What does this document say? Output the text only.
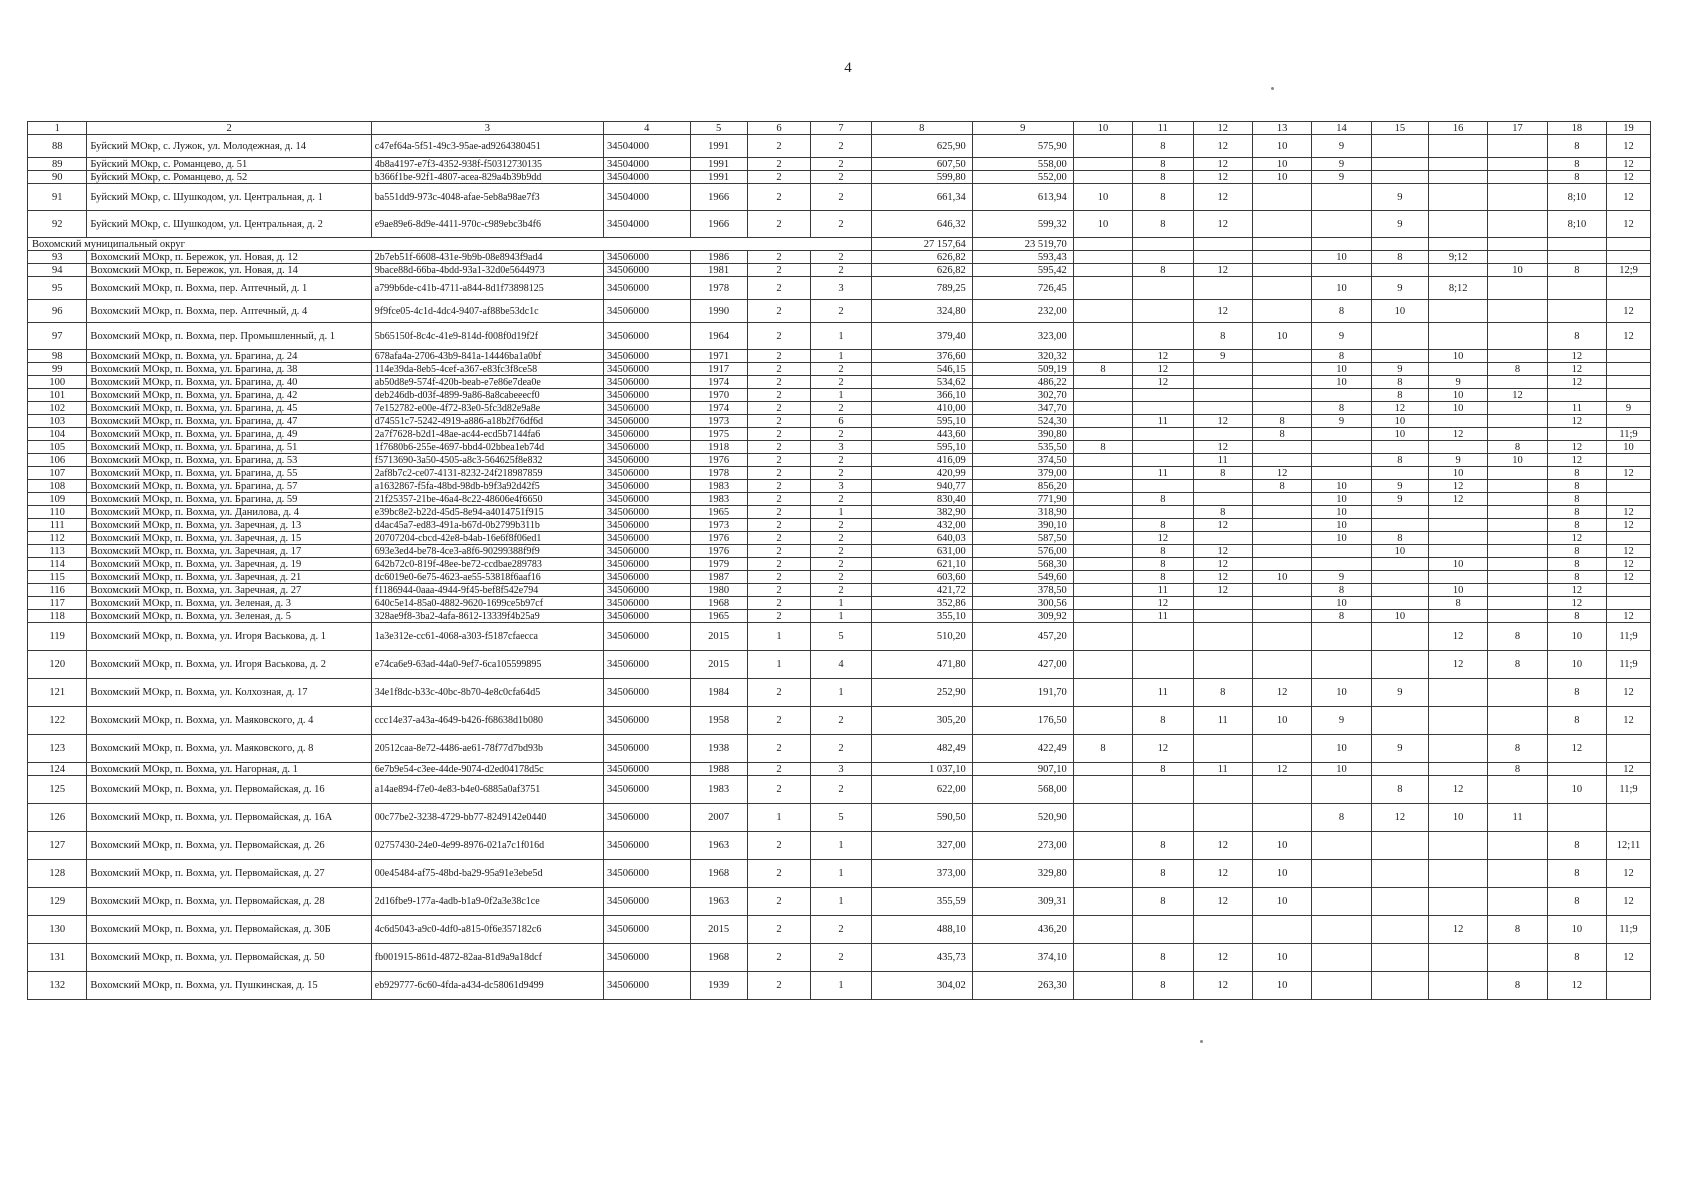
4
1	2	3	4	5	6	7	8	9	10	11	12	13	14	15	16	17	18	19
88	Буйский МОкр, с. Лужок, ул. Молодежная, д. 14	c47ef64a-5f51-49c3-95ae-ad9264380451	34504000	1991	2	2	625,90	575,90		8	12	10	9				8	12
89	Буйский МОкр, с. Романцево, д. 51	4b8a4197-e7f3-4352-938f-f50312730135	34504000	1991	2	2	607,50	558,00		8	12	10	9				8	12
90	Буйский МОкр, с. Романцево, д. 52	b366f1be-92f1-4807-acea-829a4b39b9dd	34504000	1991	2	2	599,80	552,00		8	12	10	9				8	12
91	Буйский МОкр, с. Шушкодом, ул. Центральная, д. 1	ba551dd9-973c-4048-afae-5eb8a98ae7f3	34504000	1966	2	2	661,34	613,94	10	8	12			9			8;10	12
92	Буйский МОкр, с. Шушкодом, ул. Центральная, д. 2	e9ae89e6-8d9e-4411-970c-c989ebc3b4f6	34504000	1966	2	2	646,32	599,32	10	8	12			9			8;10	12
Вохомский муниципальный округ							27 157,64	23 519,70										
93	Вохомский МОкр, п. Бережок, ул. Новая, д. 12	2b7eb51f-6608-431e-9b9b-08e8943f9ad4	34506000	1986	2	2	626,82	593,43					10	8	9;12			
94	Вохомский МОкр, п. Бережок, ул. Новая, д. 14	9bace88d-66ba-4bdd-93a1-32d0e5644973	34506000	1981	2	2	626,82	595,42		8	12					10	8	12;9
95	Вохомский МОкр, п. Вохма, пер. Аптечный, д. 1	a799b6de-c41b-4711-a844-8d1f73898125	34506000	1978	2	3	789,25	726,45					10	9	8;12			
96	Вохомский МОкр, п. Вохма, пер. Аптечный, д. 4	9f9fce05-4c1d-4dc4-9407-af88be53dc1c	34506000	1990	2	2	324,80	232,00			12		8	10				12
97	Вохомский МОкр, п. Вохма, пер. Промышленный, д. 1	5b65150f-8c4c-41e9-814d-f008f0d19f2f	34506000	1964	2	1	379,40	323,00			8	10	9				8	12
98	Вохомский МОкр, п. Вохма, ул. Брагина, д. 24	678afa4a-2706-43b9-841a-14446ba1a0bf	34506000	1971	2	1	376,60	320,32		12	9		8		10		12	
99	Вохомский МОкр, п. Вохма, ул. Брагина, д. 38	114e39da-8eb5-4cef-a367-e83fc3f8ce58	34506000	1917	2	2	546,15	509,19	8	12			10	9		8	12	
100	Вохомский МОкр, п. Вохма, ул. Брагина, д. 40	ab50d8e9-574f-420b-beab-e7e86e7dea0e	34506000	1974	2	2	534,62	486,22		12			10	8	9		12	
101	Вохомский МОкр, п. Вохма, ул. Брагина, д. 42	deb246db-d03f-4899-9a86-8a8cabeeecf0	34506000	1970	2	1	366,10	302,70						8	10	12		
102	Вохомский МОкр, п. Вохма, ул. Брагина, д. 45	7e152782-e00e-4f72-83e0-5fc3d82e9a8e	34506000	1974	2	2	410,00	347,70					8	12	10		11	9
103	Вохомский МОкр, п. Вохма, ул. Брагина, д. 47	d74551c7-5242-4919-a886-a18b2f76df6d	34506000	1973	2	6	595,10	524,30		11	12	8	9	10			12	
104	Вохомский МОкр, п. Вохма, ул. Брагина, д. 49	2a7f7628-b2d1-48ae-ac44-ecd5b7144fa6	34506000	1975	2	2	443,60	390,80				8		10	12			11;9
105	Вохомский МОкр, п. Вохма, ул. Брагина, д. 51	1f7680b6-255e-4697-bbd4-02bbea1eb74d	34506000	1918	2	3	595,10	535,50	8		12					8	12	10
106	Вохомский МОкр, п. Вохма, ул. Брагина, д. 53	f5713690-3a50-4505-a8c3-564625f8e832	34506000	1976	2	2	416,09	374,50			11			8	9	10	12	
107	Вохомский МОкр, п. Вохма, ул. Брагина, д. 55	2af8b7c2-ce07-4131-8232-24f218987859	34506000	1978	2	2	420,99	379,00		11	8	12			10		8	12
108	Вохомский МОкр, п. Вохма, ул. Брагина, д. 57	a1632867-f5fa-48bd-98db-b9f3a92d42f5	34506000	1983	2	3	940,77	856,20				8	10	9	12		8	
109	Вохомский МОкр, п. Вохма, ул. Брагина, д. 59	21f25357-21be-46a4-8c22-48606e4f6650	34506000	1983	2	2	830,40	771,90		8			10	9	12		8	
110	Вохомский МОкр, п. Вохма, ул. Данилова, д. 4	e39bc8e2-b22d-45d5-8e94-a4014751f915	34506000	1965	2	1	382,90	318,90			8		10				8	12
111	Вохомский МОкр, п. Вохма, ул. Заречная, д. 13	d4ac45a7-ed83-491a-b67d-0b2799b311b	34506000	1973	2	2	432,00	390,10		8	12		10				8	12
112	Вохомский МОкр, п. Вохма, ул. Заречная, д. 15	20707204-cbcd-42e8-b4ab-16e6f8f06ed1	34506000	1976	2	2	640,03	587,50		12			10	8			12	
113	Вохомский МОкр, п. Вохма, ул. Заречная, д. 17	693e3ed4-be78-4ce3-a8f6-90299388f9f9	34506000	1976	2	2	631,00	576,00		8	12			10			8	12
114	Вохомский МОкр, п. Вохма, ул. Заречная, д. 19	642b72c0-819f-48ee-be72-ccdbae289783	34506000	1979	2	2	621,10	568,30		8	12				10		8	12
115	Вохомский МОкр, п. Вохма, ул. Заречная, д. 21	dc6019e0-6e75-4623-ae55-53818f6aaf16	34506000	1987	2	2	603,60	549,60		8	12	10	9				8	12
116	Вохомский МОкр, п. Вохма, ул. Заречная, д. 27	f1186944-0aaa-4944-9f45-bef8f542e794	34506000	1980	2	2	421,72	378,50		11	12		8		10		12	
117	Вохомский МОкр, п. Вохма, ул. Зеленая, д. 3	640c5e14-85a0-4882-9620-1699ce5b97cf	34506000	1968	2	1	352,86	300,56		12			10		8		12	
118	Вохомский МОкр, п. Вохма, ул. Зеленая, д. 5	328ae9f8-3ba2-4afa-8612-13339f4b25a9	34506000	1965	2	1	355,10	309,92		11			8	10			8	12
119	Вохомский МОкр, п. Вохма, ул. Игоря Васькова, д. 1	1a3e312e-cc61-4068-a303-f5187cfaecca	34506000	2015	1	5	510,20	457,20							12	8	10	11;9
120	Вохомский МОкр, п. Вохма, ул. Игоря Васькова, д. 2	e74ca6e9-63ad-44a0-9ef7-6ca105599895	34506000	2015	1	4	471,80	427,00							12	8	10	11;9
121	Вохомский МОкр, п. Вохма, ул. Колхозная, д. 17	34e1f8dc-b33c-40bc-8b70-4e8c0cfa64d5	34506000	1984	2	1	252,90	191,70		11	8	12	10	9			8	12
122	Вохомский МОкр, п. Вохма, ул. Маяковского, д. 4	ccc14e37-a43a-4649-b426-f68638d1b080	34506000	1958	2	2	305,20	176,50		8	11	10	9				8	12
123	Вохомский МОкр, п. Вохма, ул. Маяковского, д. 8	20512caa-8e72-4486-ae61-78f77d7bd93b	34506000	1938	2	2	482,49	422,49	8	12			10	9		8	12	
124	Вохомский МОкр, п. Вохма, ул. Нагорная, д. 1	6e7b9e54-c3ee-44de-9074-d2ed04178d5c	34506000	1988	2	3	1 037,10	907,10		8	11	12	10			8		12
125	Вохомский МОкр, п. Вохма, ул. Первомайская, д. 16	a14ae894-f7e0-4e83-b4e0-6885a0af3751	34506000	1983	2	2	622,00	568,00						8	12		10	11;9
126	Вохомский МОкр, п. Вохма, ул. Первомайская, д. 16А	00c77be2-3238-4729-bb77-8249142e0440	34506000	2007	1	5	590,50	520,90					8	12	10	11		
127	Вохомский МОкр, п. Вохма, ул. Первомайская, д. 26	02757430-24e0-4e99-8976-021a7c1f016d	34506000	1963	2	1	327,00	273,00		8	12	10					8	12;11
128	Вохомский МОкр, п. Вохма, ул. Первомайская, д. 27	00e45484-af75-48bd-ba29-95a91e3ebe5d	34506000	1968	2	1	373,00	329,80		8	12	10					8	12
129	Вохомский МОкр, п. Вохма, ул. Первомайская, д. 28	2d16fbe9-177a-4adb-b1a9-0f2a3e38c1ce	34506000	1963	2	1	355,59	309,31		8	12	10					8	12
130	Вохомский МОкр, п. Вохма, ул. Первомайская, д. 30Б	4c6d5043-a9c0-4df0-a815-0f6e357182c6	34506000	2015	2	2	488,10	436,20							12	8	10	11;9
131	Вохомский МОкр, п. Вохма, ул. Первомайская, д. 50	fb001915-861d-4872-82aa-81d9a9a18dcf	34506000	1968	2	2	435,73	374,10		8	12	10					8	12
132	Вохомский МОкр, п. Вохма, ул. Пушкинская, д. 15	eb929777-6c60-4fda-a434-dc58061d9499	34506000	1939	2	1	304,02	263,30		8	12	10				8	12	
